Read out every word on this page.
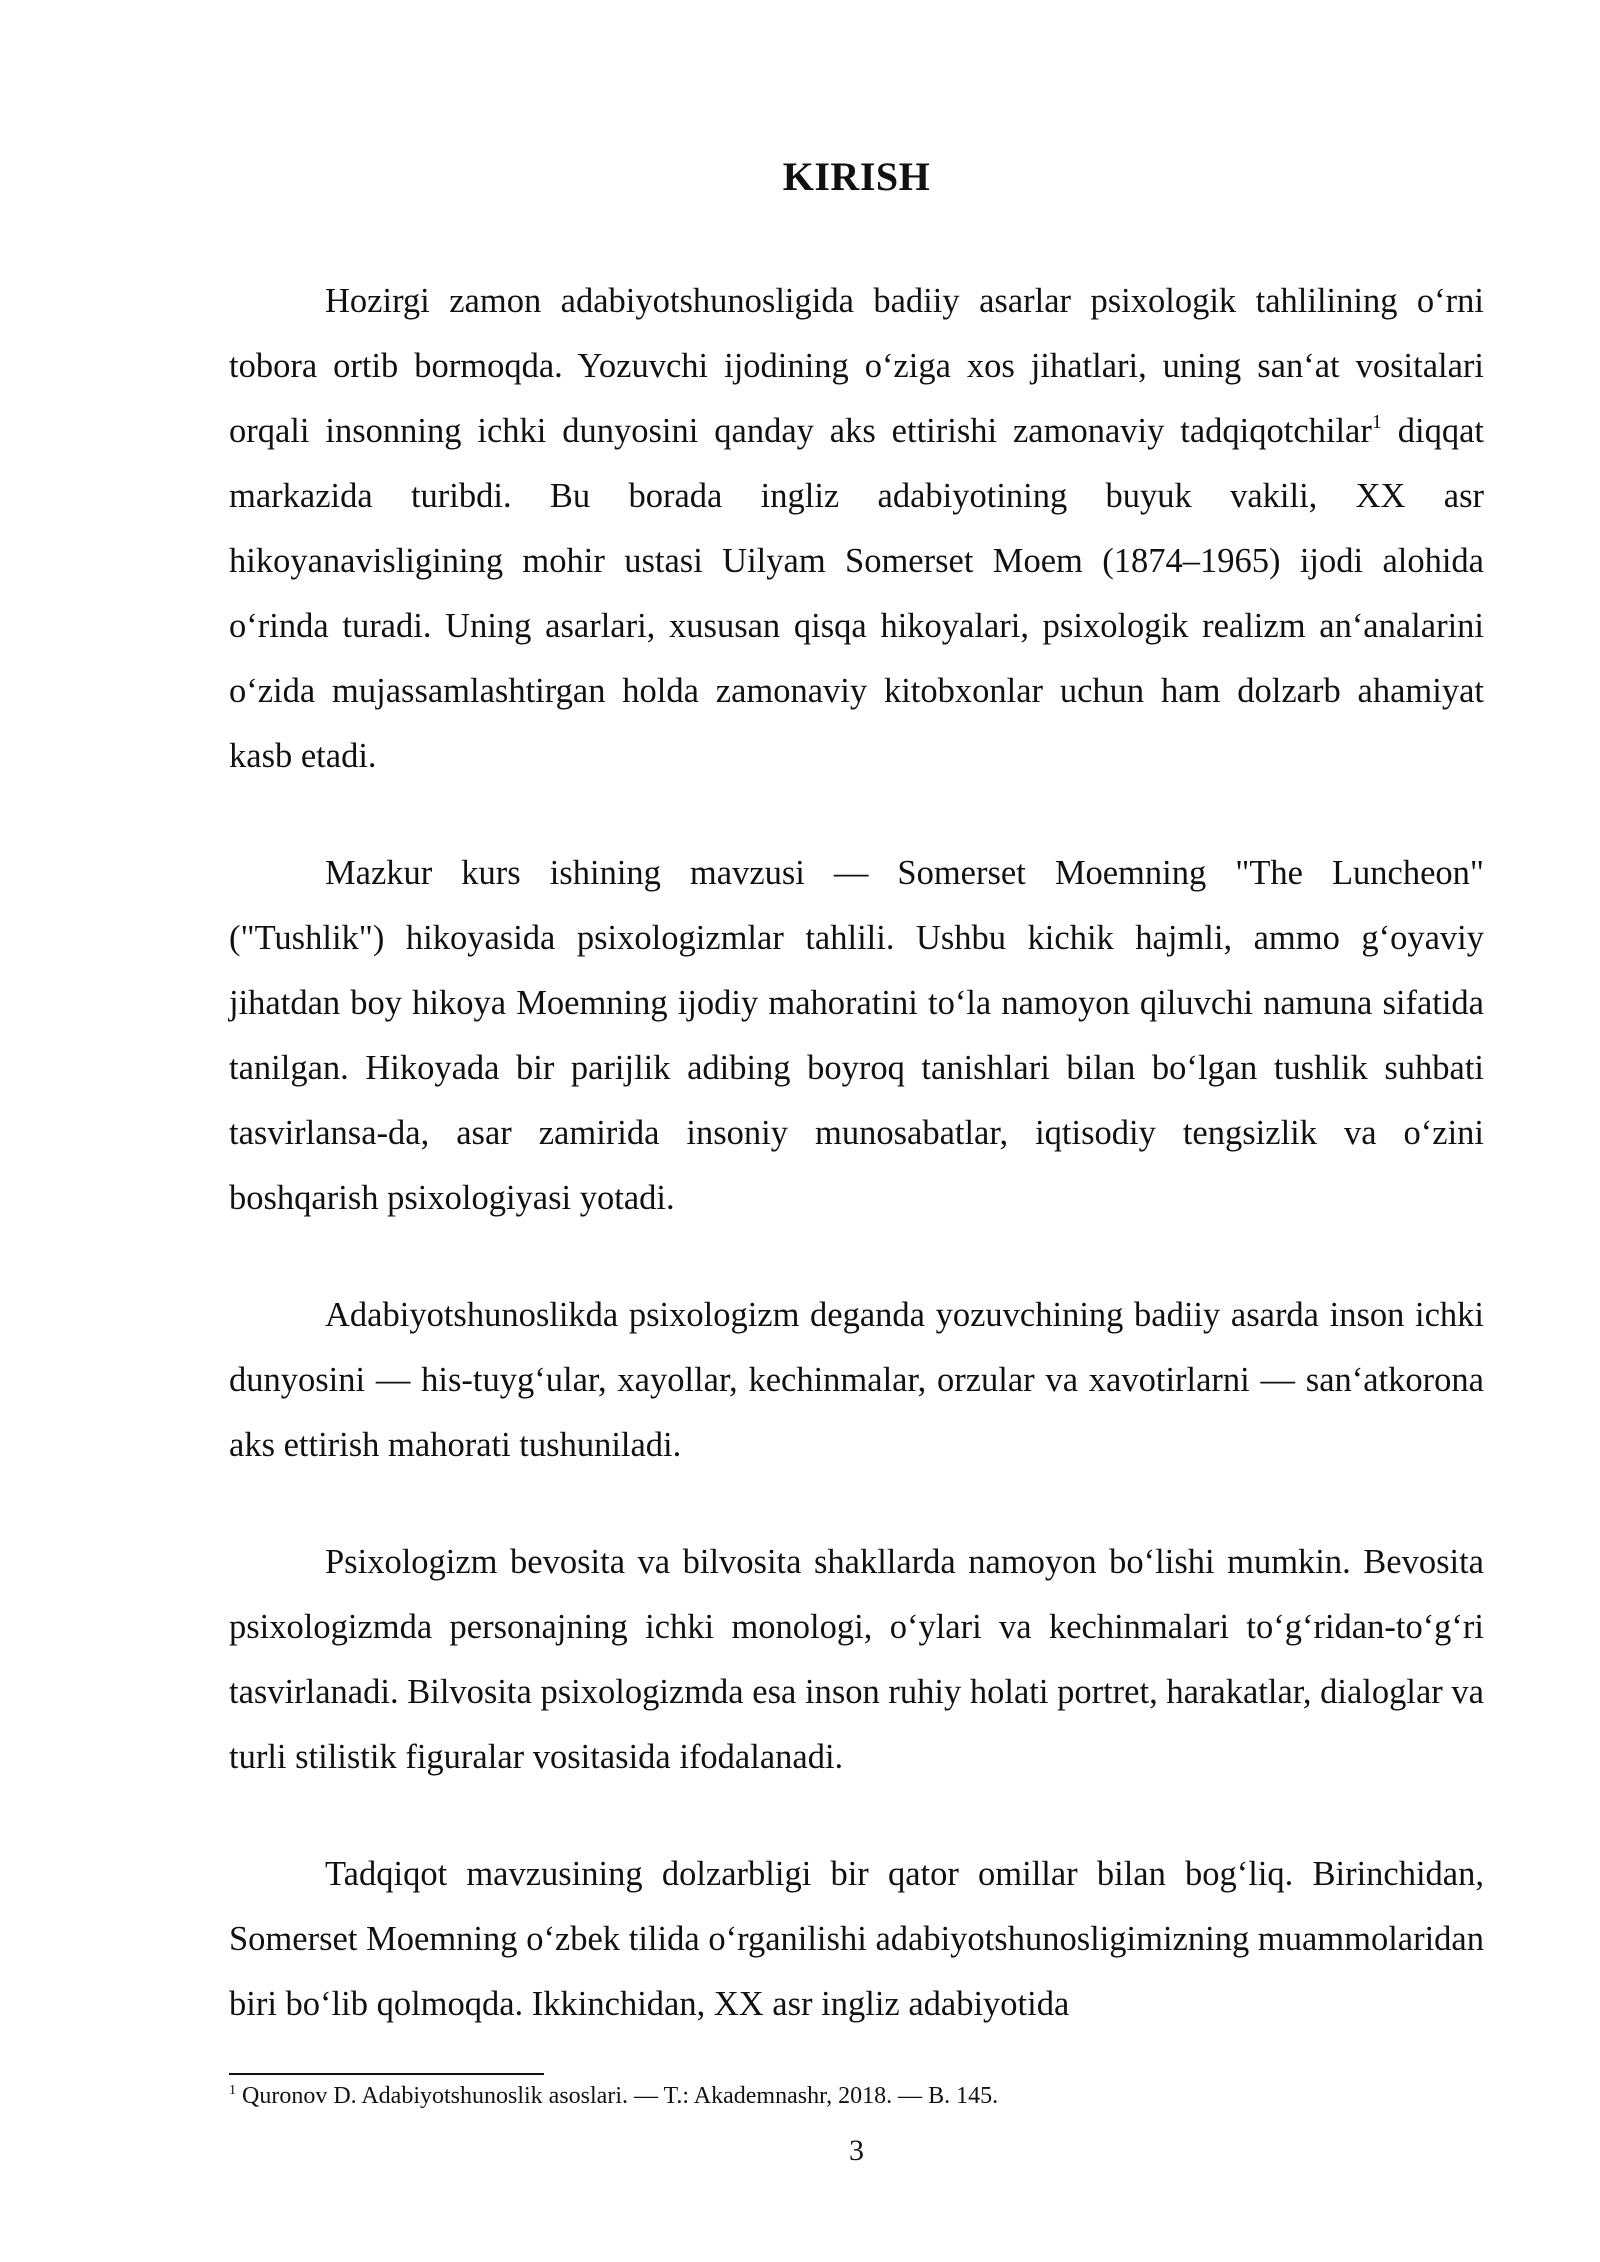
KIRISH

Hozirgi zamon adabiyotshunosligida badiiy asarlar psixologik tahlilining o‘rni tobora ortib bormoqda. Yozuvchi ijodining o‘ziga xos jihatlari, uning san‘at vositalari orqali insonning ichki dunyosini qanday aks ettirishi zamonaviy tadqiqotchilar$^1$ diqqat markazida turibdi. Bu borada ingliz adabiyotining buyuk vakili, XX asr hikoyanavisligining mohir ustasi Uilyam Somerset Moem (1874–1965) ijodi alohida o‘rinda turadi. Uning asarlari, xususan qisqa hikoyalari, psixologik realizm an‘analarini o‘zida mujassamlashtirgan holda zamonaviy kitobxonlar uchun ham dolzarb ahamiyat kasb etadi.

Mazkur kurs ishining mavzusi — Somerset Moemning "The Luncheon" ("Tushlik") hikoyasida psixologizmlar tahlili. Ushbu kichik hajmli, ammo g‘oyaviy jihatdan boy hikoya Moemning ijodiy mahoratini to‘la namoyon qiluvchi namuna sifatida tanilgan. Hikoyada bir parijlik adibing boyroq tanishlari bilan bo‘lgan tushlik suhbati tasvirlansa-da, asar zamirida insoniy munosabatlar, iqtisodiy tengsizlik va o‘zini boshqarish psixologiyasi yotadi.

Adabiyotshunoslikda psixologizm deganda yozuvchining badiiy asarda inson ichki dunyosini — his-tuyg‘ular, xayollar, kechinmalar, orzular va xavotirlarni — san‘atkorona aks ettirish mahorati tushuniladi.

Psixologizm bevosita va bilvosita shakllarda namoyon bo‘lishi mumkin. Bevosita psixologizmda personajning ichki monologi, o‘ylari va kechinmalari to‘g‘ridan-to‘g‘ri tasvirlanadi. Bilvosita psixologizmda esa inson ruhiy holati portret, harakatlar, dialoglar va turli stilistik figuralar vositasida ifodalanadi.

Tadqiqot mavzusining dolzarbligi bir qator omillar bilan bog‘liq. Birinchidan, Somerset Moemning o‘zbek tilida o‘rganilishi adabiyotshunosligimizning muammolaridan biri bo‘lib qolmoqda. Ikkinchidan, XX asr ingliz adabiyotida

$^1$ Quronov D. Adabiyotshunoslik asoslari. — T.: Akademnashr, 2018. — B. 145.
3
